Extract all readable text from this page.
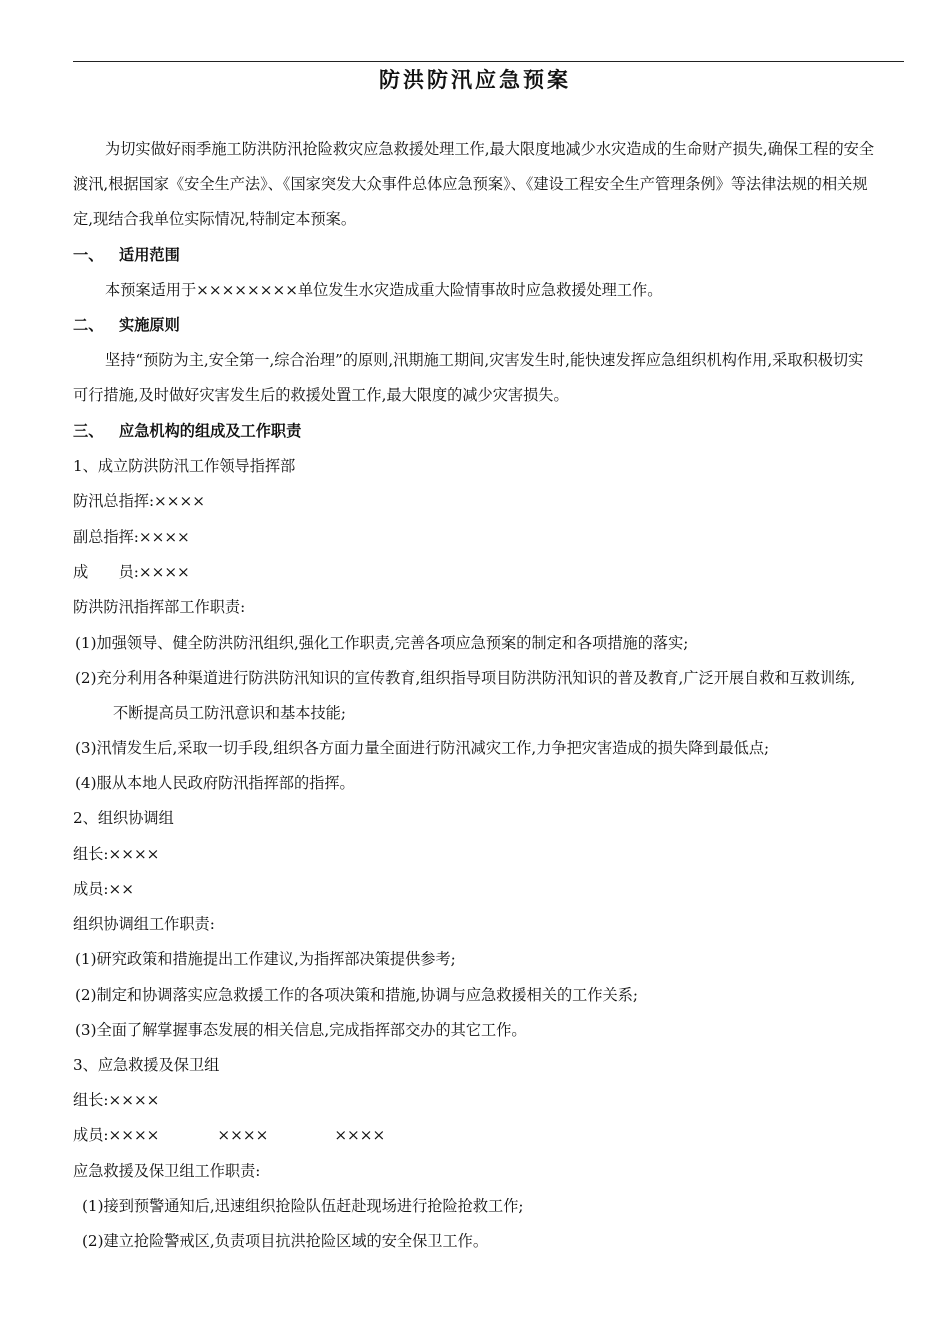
防洪防汛应急预案
为切实做好雨季施工防洪防汛抢险救灾应急救援处理工作,最大限度地减少水灾造成的生命财产损失,确保工程的安全
渡汛,根据国家《安全生产法》、《国家突发大众事件总体应急预案》、《建设工程安全生产管理条例》等法律法规的相关规
定,现结合我单位实际情况,特制定本预案。
一、 适用范围
本预案适用于××××××××单位发生水灾造成重大险情事故时应急救援处理工作。
二、 实施原则
坚持“预防为主,安全第一,综合治理”的原则,汛期施工期间,灾害发生时,能快速发挥应急组织机构作用,采取积极切实
可行措施,及时做好灾害发生后的救援处置工作,最大限度的减少灾害损失。
三、 应急机构的组成及工作职责
1、成立防洪防汛工作领导指挥部
防汛总指挥:××××
副总指挥:××××
成　　员:××××
防洪防汛指挥部工作职责:
(1)加强领导、健全防洪防汛组织,强化工作职责,完善各项应急预案的制定和各项措施的落实;
(2)充分利用各种渠道进行防洪防汛知识的宣传教育,组织指导项目防洪防汛知识的普及教育,广泛开展自救和互救训练,
不断提高员工防汛意识和基本技能;
(3)汛情发生后,采取一切手段,组织各方面力量全面进行防汛减灾工作,力争把灾害造成的损失降到最低点;
(4)服从本地人民政府防汛指挥部的指挥。
2、组织协调组
组长:××××
成员:××
组织协调组工作职责:
(1)研究政策和措施提出工作建议,为指挥部决策提供参考;
(2)制定和协调落实应急救援工作的各项决策和措施,协调与应急救援相关的工作关系;
(3)全面了解掌握事态发展的相关信息,完成指挥部交办的其它工作。
3、应急救援及保卫组
组长:××××
成员:××××	××××	××××
应急救援及保卫组工作职责:
(1)接到预警通知后,迅速组织抢险队伍赶赴现场进行抢险抢救工作;
(2)建立抢险警戒区,负责项目抗洪抢险区域的安全保卫工作。
